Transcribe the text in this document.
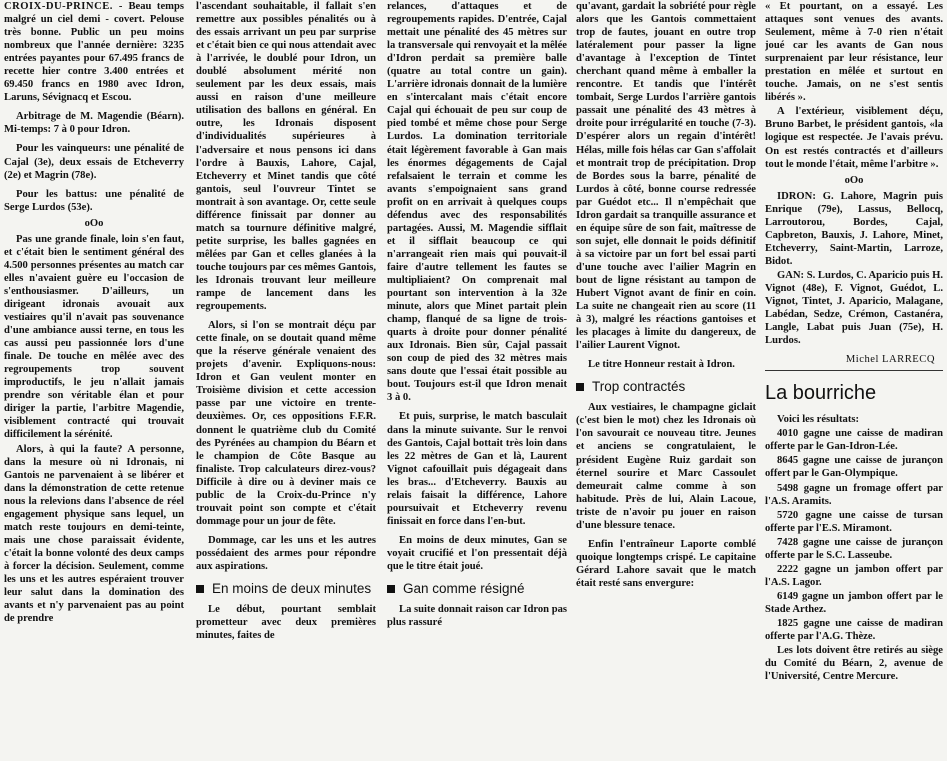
CROIX-DU-PRINCE. - Beau temps malgré un ciel demi - covert. Pelouse très bonne. Public un peu moins nombreux que l'année dernière: 3235 entrées payantes pour 67.495 francs de recette hier contre 3.400 entrées et 69.450 francs en 1980 avec Idron, Laruns, Sévignacq et Escou.

Arbitrage de M. Magendie (Béarn). Mi-temps: 7 à 0 pour Idron.

Pour les vainqueurs: une pénalité de Cajal (3e), deux essais de Etcheverry (2e) et Magrin (78e).

Pour les battus: une pénalité de Serge Lurdos (53e).

oOo

Pas une grande finale, loin s'en faut, et c'était bien le sentiment général des 4.500 personnes présentes au match car elles n'avaient guère eu l'occasion de s'enthousiasmer. D'ailleurs, un dirigeant idronais avouait aux vestiaires qu'il n'avait pas souvenance d'une ambiance aussi terne, en tous les cas aussi peu passionnée lors d'une finale. De touche en mêlée avec des regroupements trop souvent improductifs, le jeu n'allait jamais prendre son véritable élan et pour diriger la partie, l'arbitre Magendie, visiblement contracté qui trouvait difficilement la sérénité.

Alors, à qui la faute? A personne, dans la mesure où ni Idronais, ni Gantois ne parvenaient à se libérer et dans la démonstration de cette retenue nous la relevions dans l'absence de réel engagement physique sans lequel, un match reste toujours en demi-teinte, mais une chose paraissait évidente, c'était la bonne volonté des deux camps à forcer la décision. Seulement, comme les uns et les autres espéraient trouver leur salut dans la domination des avants et n'y parvenaient pas au point de prendre

l'ascendant souhaitable, il fallait s'en remettre aux possibles pénalités ou à des essais arrivant un peu par surprise et c'était bien ce qui nous attendait avec à l'arrivée, le doublé pour Idron, un doublé absolument mérité non seulement par les deux essais, mais aussi en raison d'une meilleure utilisation des ballons en général. En outre, les Idronais disposent d'individualités supérieures à l'adversaire et nous pensons ici dans l'ordre à Bauxis, Lahore, Cajal, Etcheverry et Minet tandis que côté gantois, seul l'ouvreur Tintet se montrait à son avantage. Or, cette seule différence finissait par donner au match sa tournure définitive malgré, petite surprise, les balles gagnées en mêlées par Gan et celles glanées à la touche toujours par ces mêmes Gantois, les Idronais trouvant leur meilleure rampe de lancement dans les regroupements.

Alors, si l'on se montrait déçu par cette finale, on se doutait quand même que la réserve générale venaient des projets d'avenir. Expliquons-nous: Idron et Gan veulent monter en Troisième division et cette accession passe par une victoire en trente-deuxièmes. Or, ces oppositions F.F.R. donnent le quatrième club du Comité des Pyrénées au champion du Béarn et le champion de Côte Basque au finaliste. Trop calculateurs direz-vous? Difficile à dire ou à deviner mais ce public de la Croix-du-Prince n'y trouvait point son compte et c'était dommage pour un jour de fête.

Dommage, car les uns et les autres possédaient des armes pour répondre aux aspirations.

En moins de deux minutes

Le début, pourtant semblait prometteur avec deux premières minutes, faites de

relances, d'attaques et de regroupements rapides. D'entrée, Cajal mettait une pénalité des 45 mètres sur la transversale qui renvoyait et la mêlée d'Idron perdait sa première balle (quatre au total contre un gain). L'arrière idronais donnait de la lumière en s'intercalant mais c'était encore Cajal qui échouait de peu sur coup de pied tombé et même chose pour Serge Lurdos. La domination territoriale était légèrement favorable à Gan mais les énormes dégagements de Cajal refalsaient le terrain et comme les avants s'empoignaient sans grand profit on en arrivait à quelques coups défendus avec des responsabilités partagées. Aussi, M. Magendie sifflait et il sifflait beaucoup ce qui n'arrangeait rien mais qui pouvait-il faire d'autre tellement les fautes se multipliaient? On comprenait mal pourtant son intervention à la 32e minute, alors que Minet partait plein champ, flanqué de sa ligne de trois-quarts à droite pour donner pénalité aux Idronais. Bien sûr, Cajal passait son coup de pied des 32 mètres mais sans doute que l'essai était possible au bout. Toujours est-il que Idron menait 3 à 0.

Et puis, surprise, le match basculait dans la minute suivante. Sur le renvoi des Gantois, Cajal bottait très loin dans les 22 mètres de Gan et là, Laurent Vignot cafouillait puis dégageait dans les bras... d'Etcheverry. Bauxis au relais faisait la différence, Lahore poursuivait et Etcheverry revenu finissait en force dans l'en-but.

En moins de deux minutes, Gan se voyait crucifié et l'on pressentait déjà que le titre était joué.

Gan comme résigné

La suite donnait raison car Idron pas plus rassuré

qu'avant, gardait la sobriété pour règle alors que les Gantois commettaient trop de fautes, jouant en outre trop latéralement pour passer la ligne d'avantage à l'exception de Tintet cherchant quand même à emballer la rencontre. Et tandis que l'intérêt tombait, Serge Lurdos l'arrière gantois passait une pénalité des 43 mètres à droite pour irrégularité en touche (7-3). D'espérer alors un regain d'intérêt! Hélas, mille fois hélas car Gan s'affolait et montrait trop de précipitation. Drop de Bordes sous la barre, pénalité de Lurdos à côté, bonne course redressée par Guédot etc... Il n'empêchait que Idron gardait sa tranquille assurance et en équipe sûre de son fait, maîtresse de son sujet, elle donnait le poids définitif à sa victoire par un fort bel essai parti d'une touche avec l'ailier Magrin en bout de ligne résistant au tampon de Hubert Vignot avant de finir en coin. La suite ne changeait rien au score (11 à 3), malgré les réactions gantoises et les placages à limite du dangereux, de l'ailier Laurent Vignot.

Le titre Honneur restait à Idron.

Trop contractés

Aux vestiaires, le champagne giclait (c'est bien le mot) chez les Idronais où l'on savourait ce nouveau titre. Jeunes et anciens se congratulaient, le président Eugène Ruiz gardait son éternel sourire et Marc Cassoulet demeurait calme comme à son habitude. Près de lui, Alain Lacoue, triste de n'avoir pu jouer en raison d'une blessure tenace.

Enfin l'entraîneur Laporte comblé quoique longtemps crispé. Le capitaine Gérard Lahore savait que le match était resté sans envergure:

« Et pourtant, on a essayé. Les attaques sont venues des avants. Seulement, même à 7-0 rien n'était joué car les avants de Gan nous surprenaient par leur résistance, leur prestation en mêlée et surtout en touche. Jamais, on ne s'est sentis libérés ».

A l'extérieur, visiblement déçu, Bruno Barbet, le président gantois, «la logique est respectée. Je l'avais prévu. On est restés contractés et d'ailleurs tout le monde l'était, même l'arbitre ».

oOo

IDRON: G. Lahore, Magrin puis Enrique (79e), Lassus, Bellocq, Larroutorou, Bordes, Cajal, Capbreton, Bauxis, J. Lahore, Minet, Etcheverry, Saint-Martin, Larroze, Bidot.

GAN: S. Lurdos, C. Aparicio puis H. Vignot (48e), F. Vignot, Guédot, L. Vignot, Tintet, J. Aparicio, Malagane, Labédan, Sedze, Crémon, Castanéra, Langle, Labat puis Juan (75e), H. Lurdos.

Michel LARRECQ
La bourriche

Voici les résultats:

4010 gagne une caisse de madiran offerte par le Gan-Idron-Lée.

8645 gagne une caisse de jurançon offert par le Gan-Olympique.

5498 gagne un fromage offert par l'A.S. Aramits.

5720 gagne une caisse de tursan offerte par l'E.S. Miramont.

7428 gagne une caisse de jurançon offerte par le S.C. Lasseube.

2222 gagne un jambon offert par l'A.S. Lagor.

6149 gagne un jambon offert par le Stade Arthez.

1825 gagne une caisse de madiran offerte par l'A.G. Thèze.

Les lots doivent être retirés au siège du Comité du Béarn, 2, avenue de l'Université, Centre Mercure.
